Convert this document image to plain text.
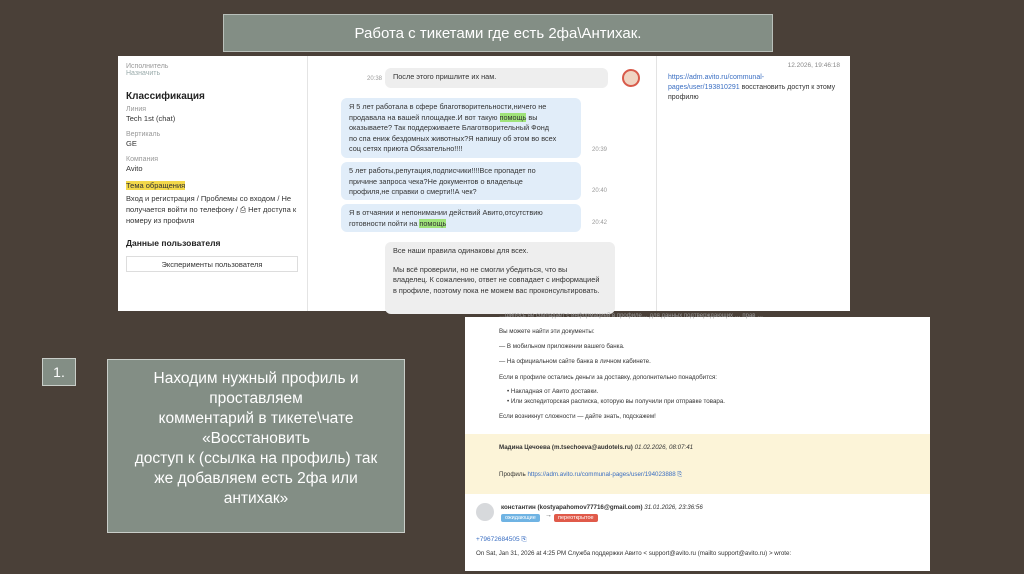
Работа с тикетами где есть 2фа\Антихак.
Исполнитель
Назначить
Классификация
Линия
Tech 1st (chat)
Вертикаль
GE
Компания
Avito
Тема обращения
Вход и регистрация / Проблемы со входом / Не
получается войти по телефону / ⎙ Нет доступа к
номеру из профиля
Данные пользователя
Эксперименты пользователя
20:38	После этого пришлите их нам.
Я 5 лет работала в сфере благотворительности,ничего не
продавала на вашей площадке.И вот такую помощь вы
оказываете? Так поддерживаете Благотворительный Фонд
по спа ениж бездомных животных?Я напишу об этом во всех
соц сетях приюта Обязательно!!!!	20:39
5 лет работы,репутация,подписчики!!!!Все пропадет по
причине запроса чека?Не документов о владельце
профиля,не справки о смерти!!А чек?	20:40
Я в отчаянии и непонимании действий Авито,отсутствию
готовности пойти на помощь	20:42
Все наши правила одинаковы для всех.
Мы всё проверили, но не смогли убедиться, что вы
владелец. К сожалению, ответ не совпадает с информацией
в профиле, поэтому пока не можем вас проконсультировать.
12.2026, 19:46:18
https://adm.avito.ru/communal-
pages/user/193810291 восстановить доступ к этому
профилю
1.	Находим нужный профиль и
проставляем
комментарий в тикете\чате
«Восстановить
доступ к (ссылка на профиль) так
же добавляем есть 2фа или
антихак»
…шипось не совпадает с информацией в профиле… для данных подтверждающих … прав …
Вы можете найти эти документы:
— В мобильном приложении вашего банка.
— На официальном сайте банка в личном кабинете.
Если в профиле остались деньги за доставку, дополнительно понадобится:
• Накладная от Авито доставки.
• Или экспедиторская расписка, которую вы получили при отправке товара.
Если возникнут сложности — дайте знать, подскажем!
Мадина Цечоева (m.tsechoeva@audotels.ru) 01.02.2026, 08:07:41
Профиль https://adm.avito.ru/communal-pages/user/194023888 ⎘
константин (kostyapahomov77716@gmail.com) 31.01.2026, 23:36:56
ожидающие	→	переоткрытое
+79672684505 ⎘
On Sat, Jan 31, 2026 at 4:25 PM Служба поддержки Авито < support@avito.ru (mailto support@avito.ru) > wrote:
